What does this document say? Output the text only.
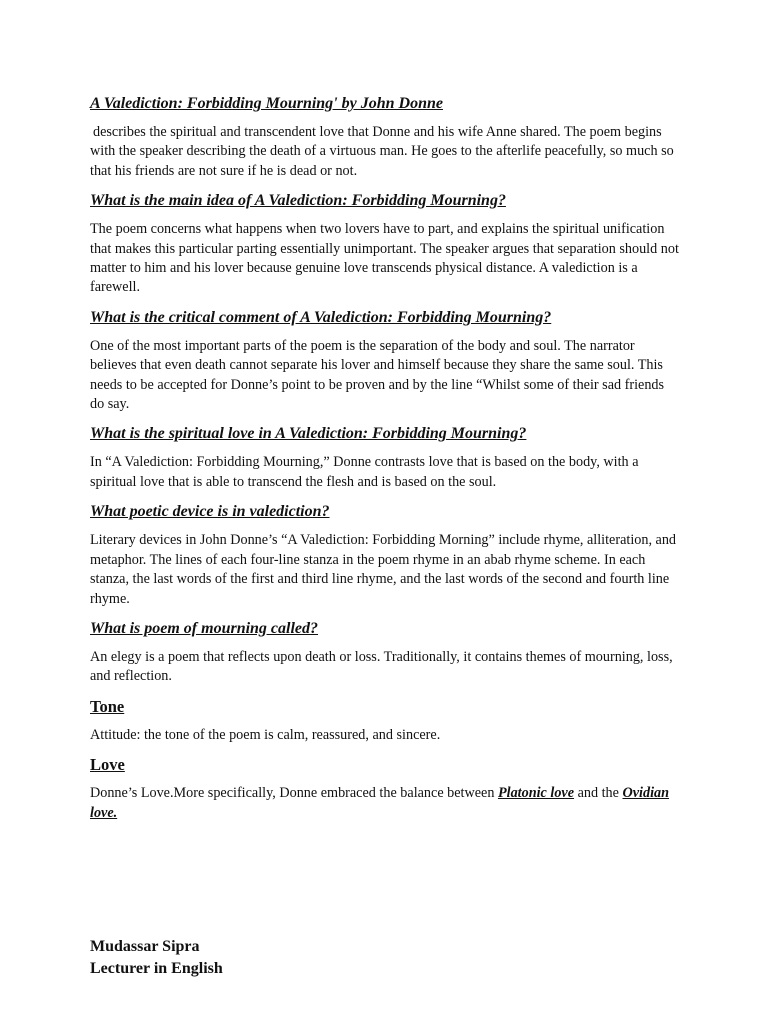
A Valediction: Forbidding Mourning' by John Donne

describes the spiritual and transcendent love that Donne and his wife Anne shared. The poem begins with the speaker describing the death of a virtuous man. He goes to the afterlife peacefully, so much so that his friends are not sure if he is dead or not.

What is the main idea of A Valediction: Forbidding Mourning?

The poem concerns what happens when two lovers have to part, and explains the spiritual unification that makes this particular parting essentially unimportant. The speaker argues that separation should not matter to him and his lover because genuine love transcends physical distance. A valediction is a farewell.

What is the critical comment of A Valediction: Forbidding Mourning?

One of the most important parts of the poem is the separation of the body and soul. The narrator believes that even death cannot separate his lover and himself because they share the same soul. This needs to be accepted for Donne’s point to be proven and by the line “Whilst some of their sad friends do say.

What is the spiritual love in A Valediction: Forbidding Mourning?

In “A Valediction: Forbidding Mourning,” Donne contrasts love that is based on the body, with a spiritual love that is able to transcend the flesh and is based on the soul.

What poetic device is in valediction?

Literary devices in John Donne’s “A Valediction: Forbidding Morning” include rhyme, alliteration, and metaphor. The lines of each four-line stanza in the poem rhyme in an abab rhyme scheme. In each stanza, the last words of the first and third line rhyme, and the last words of the second and fourth line rhyme.

What is poem of mourning called?

An elegy is a poem that reflects upon death or loss. Traditionally, it contains themes of mourning, loss, and reflection.

Tone

Attitude: the tone of the poem is calm, reassured, and sincere.

Love

Donne’s Love.More specifically, Donne embraced the balance between Platonic love and the Ovidian love.

Mudassar Sipra
Lecturer in English
